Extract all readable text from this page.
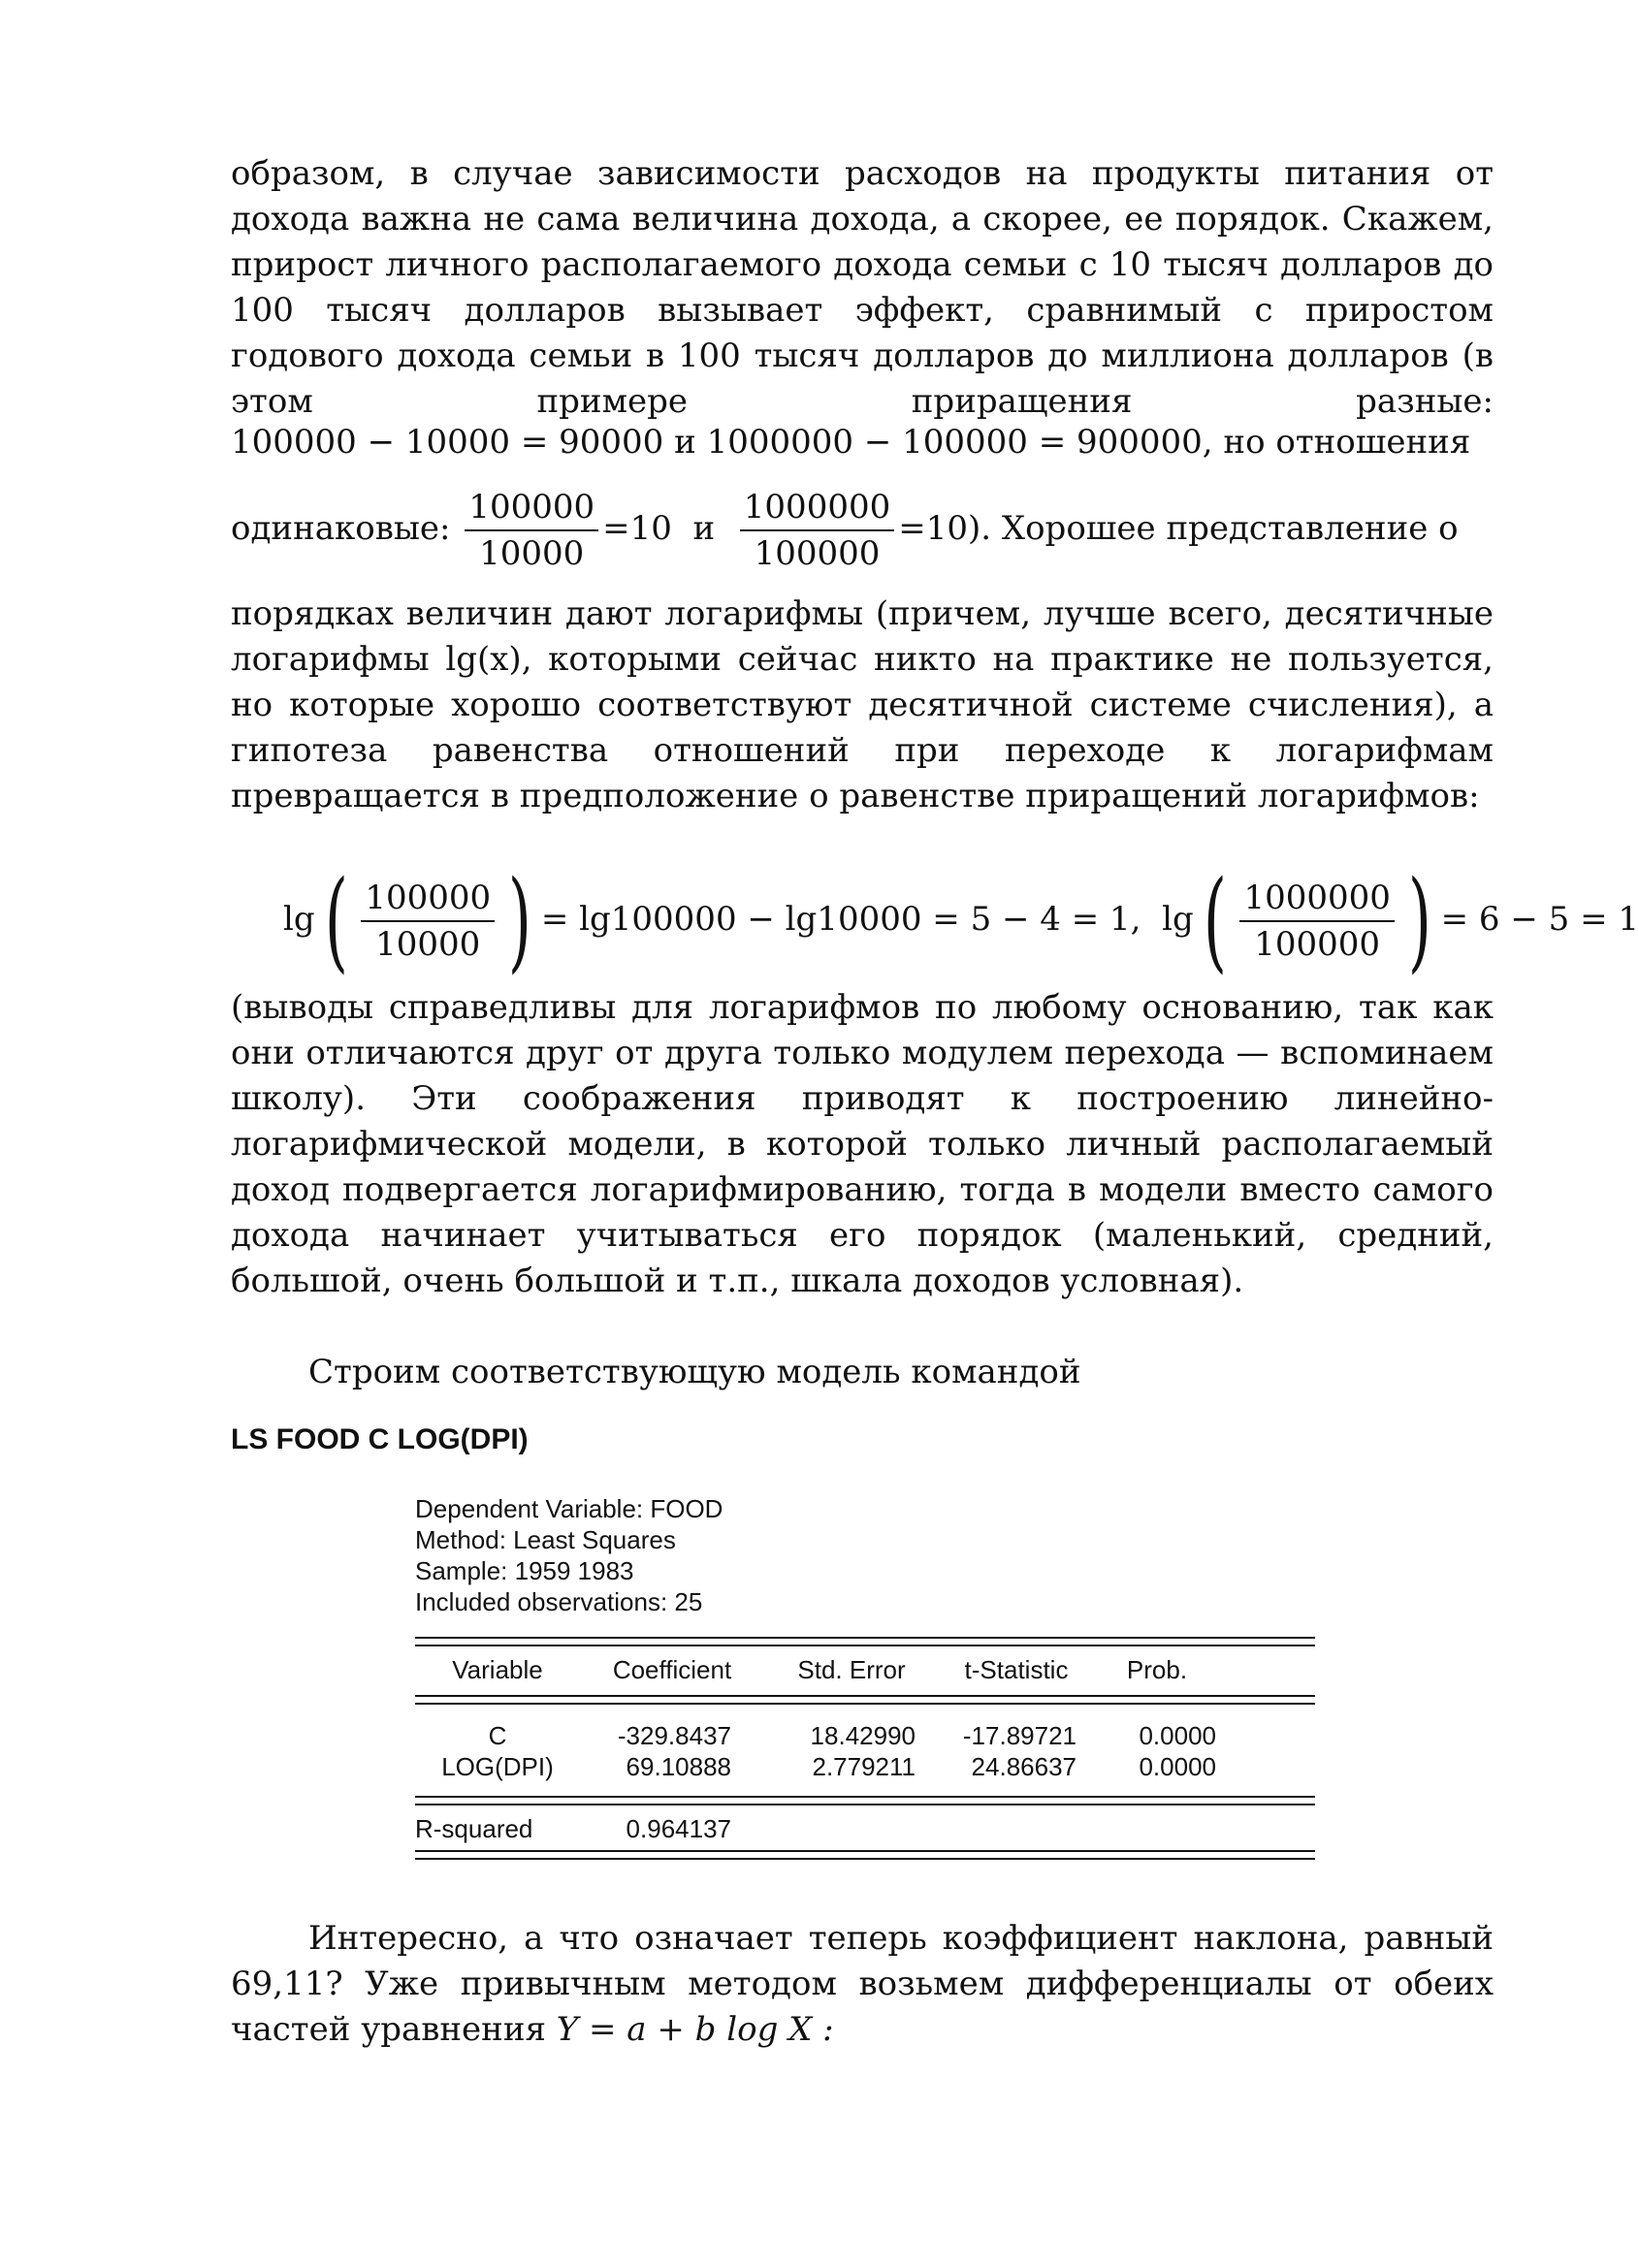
образом, в случае зависимости расходов на продукты питания от дохода важна не сама величина дохода, а скорее, ее порядок. Скажем, прирост личного располагаемого дохода семьи с 10 тысяч долларов до 100 тысяч долларов вызывает эффект, сравнимый с приростом годового дохода семьи в 100 тысяч долларов до миллиона долларов (в этом примере приращения разные:

100000 − 10000 = 90000 и 1000000 − 100000 = 900000, но отношения
одинаковые: $\frac{100000}{10000} =10$ и $\frac{1000000}{100000} =10$). Хорошее представление о

порядках величин дают логарифмы (причем, лучше всего, десятичные логарифмы lg(x), которыми сейчас никто на практике не пользуется, но которые хорошо соответствуют десятичной системе счисления), а гипотеза равенства отношений при переходе к логарифмам превращается в предположение о равенстве приращений логарифмов:

$\lg( \frac{100000}{10000}$ ) = lg100000 − lg10000 = 5 − 4 = 1, $\lg( \frac{1000000}{100000}$ ) = 6 − 5 = 1

(выводы справедливы для логарифмов по любому основанию, так как они отличаются друг от друга только модулем перехода — вспоминаем школу). Эти соображения приводят к построению линейно-логарифмической модели, в которой только личный располагаемый доход подвергается логарифмированию, тогда в модели вместо самого дохода начинает учитываться его порядок (маленький, средний, большой, очень большой и т.п., шкала доходов условная).

Строим соответствующую модель командой

LS FOOD C LOG(DPI)
Dependent Variable: FOOD
Method: Least Squares
Sample: 1959 1983
Included observations: 25
Variable	Coefficient	Std. Error	t-Statistic	Prob.
C	-329.8437	18.42990	-17.89721	0.0000
LOG(DPI)	69.10888	2.779211	24.86637	0.0000
R-squared	0.964137

Интересно, а что означает теперь коэффициент наклона, равный 69,11? Уже привычным методом возьмем дифференциалы от обеих частей уравнения Y = a + b log X :
